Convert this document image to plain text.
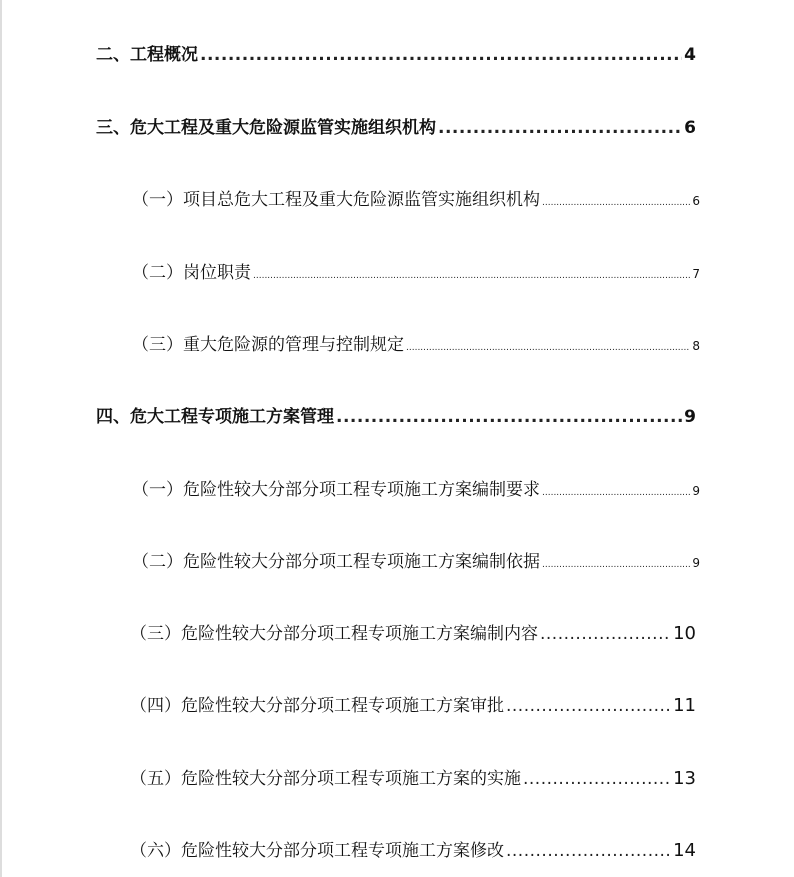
二、工程概况 .....	4
三、危大工程及重大危险源监管实施组织机构 .....	6
（一）项目总危大工程及重大危险源监管实施组织机构 .....	6
（二）岗位职责 .....	7
（三）重大危险源的管理与控制规定 .....	8
四、危大工程专项施工方案管理 .....	9
（一）危险性较大分部分项工程专项施工方案编制要求 .....	9
（二）危险性较大分部分项工程专项施工方案编制依据 .....	9
（三）危险性较大分部分项工程专项施工方案编制内容 .....	10
（四）危险性较大分部分项工程专项施工方案审批 .....	11
（五）危险性较大分部分项工程专项施工方案的实施 .....	13
（六）危险性较大分部分项工程专项施工方案修改 .....	14
